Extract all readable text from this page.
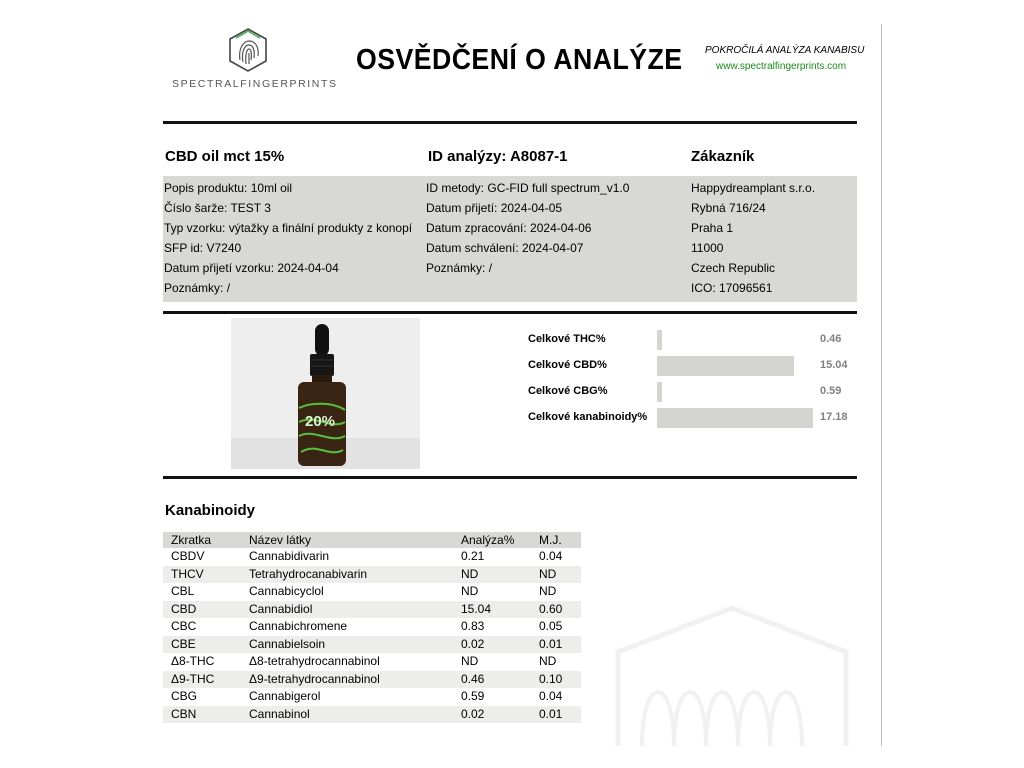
SPECTRALFINGERPRINTS
OSVĚDČENÍ O ANALÝZE POKROČILÁ ANALÝZA KANABISU
www.spectralfingerprints.com
CBD oil mct 15%	ID analýzy: A8087-1	Zákazník
Popis produktu: 10ml oil
Číslo šarže: TEST 3
Typ vzorku: výtažky a finální produkty z konopí
SFP id: V7240
Datum přijetí vzorku: 2024-04-04
Poznámky: /
ID metody: GC-FID full spectrum_v1.0
Datum přijetí: 2024-04-05
Datum zpracování: 2024-04-06
Datum schválení: 2024-04-07
Poznámky: /
Happydreamplant s.r.o.
Rybná 716/24
Praha 1
11000
Czech Republic
ICO: 17096561
20%
Celkové THC%	0.46
Celkové CBD%	15.04
Celkové CBG%	0.59
Celkové kanabinoidy%	17.18
Kanabinoidy
Zkratka	Název látky	Analýza% M.J.
CBDV	Cannabidivarin	0.21	0.04
THCV	Tetrahydrocanabivarin	ND	ND
CBL	Cannabicyclol	ND	ND
CBD	Cannabidiol	15.04	0.60
CBC	Cannabichromene	0.83	0.05
CBE	Cannabielsoin	0.02	0.01
Δ8-THC	Δ8-tetrahydrocannabinol	ND	ND
Δ9-THC	Δ9-tetrahydrocannabinol	0.46	0.10
CBG	Cannabigerol	0.59	0.04
CBN	Cannabinol	0.02	0.01
